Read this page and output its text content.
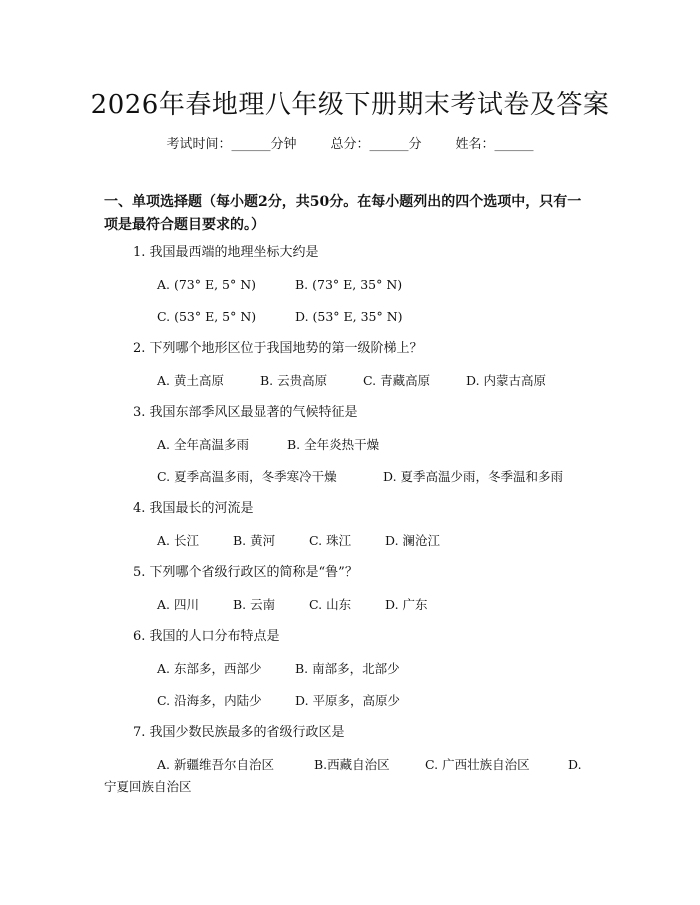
2026年春地理八年级下册期末考试卷及答案
考试时间：______分钟	总分：______分	姓名：______
一、单项选择题（每小题2分，共50分。在每小题列出的四个选项中，只有一项是最符合题目要求的。）
1. 我国最西端的地理坐标大约是
A. (73° E, 5° N)	B. (73° E, 35° N)
C. (53° E, 5° N)	D. (53° E, 35° N)
2. 下列哪个地形区位于我国地势的第一级阶梯上？
A. 黄土高原	B. 云贵高原	C. 青藏高原	D. 内蒙古高原
3. 我国东部季风区最显著的气候特征是
A. 全年高温多雨	B. 全年炎热干燥
C. 夏季高温多雨，冬季寒冷干燥	D. 夏季高温少雨，冬季温和多雨
4. 我国最长的河流是
A. 长江	B. 黄河	C. 珠江	D. 澜沧江
5. 下列哪个省级行政区的简称是“鲁”？
A. 四川	B. 云南	C. 山东	D. 广东
6. 我国的人口分布特点是
A. 东部多，西部少	B. 南部多，北部少
C. 沿海多，内陆少	D. 平原多，高原少
7. 我国少数民族最多的省级行政区是
A. 新疆维吾尔自治区	B.西藏自治区	C. 广西壮族自治区	D.
宁夏回族自治区
